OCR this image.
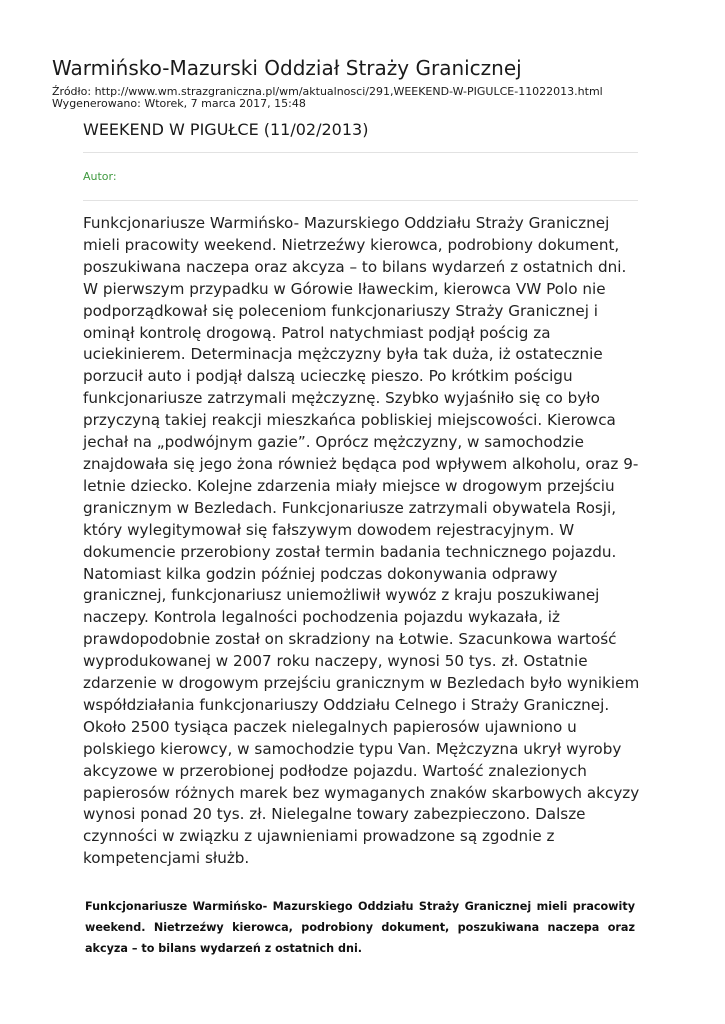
Warmińsko-Mazurski Oddział Straży Granicznej
Źródło: http://www.wm.strazgraniczna.pl/wm/aktualnosci/291,WEEKEND-W-PIGULCE-11022013.html
Wygenerowano: Wtorek, 7 marca 2017, 15:48
WEEKEND W PIGUŁCE (11/02/2013)
Autor:

Funkcjonariusze Warmińsko- Mazurskiego Oddziału Straży Granicznej mieli pracowity weekend. Nietrzeźwy kierowca, podrobiony dokument, poszukiwana naczepa oraz akcyza – to bilans wydarzeń z ostatnich dni. W pierwszym przypadku w Górowie Iławeckim, kierowca VW Polo nie podporządkował się poleceniom funkcjonariuszy Straży Granicznej i ominął kontrolę drogową. Patrol natychmiast podjął pościg za uciekinierem. Determinacja mężczyzny była tak duża, iż ostatecznie porzucił auto i podjął dalszą ucieczkę pieszo. Po krótkim pościgu funkcjonariusze zatrzymali mężczyznę. Szybko wyjaśniło się co było przyczyną takiej reakcji mieszkańca pobliskiej miejscowości. Kierowca jechał na „podwójnym gazie”. Oprócz mężczyzny, w samochodzie znajdowała się jego żona również będąca pod wpływem alkoholu, oraz 9-letnie dziecko. Kolejne zdarzenia miały miejsce w drogowym przejściu granicznym w Bezledach. Funkcjonariusze zatrzymali obywatela Rosji, który wylegitymował się fałszywym dowodem rejestracyjnym. W dokumencie przerobiony został termin badania technicznego pojazdu. Natomiast kilka godzin później podczas dokonywania odprawy granicznej, funkcjonariusz uniemożliwił wywóz z kraju poszukiwanej naczepy. Kontrola legalności pochodzenia pojazdu wykazała, iż prawdopodobnie został on skradziony na Łotwie. Szacunkowa wartość wyprodukowanej w 2007 roku naczepy, wynosi 50 tys. zł. Ostatnie zdarzenie w drogowym przejściu granicznym w Bezledach było wynikiem współdziałania funkcjonariuszy Oddziału Celnego i Straży Granicznej. Około 2500 tysiąca paczek nielegalnych papierosów ujawniono u polskiego kierowcy, w samochodzie typu Van. Mężczyzna ukrył wyroby akcyzowe w przerobionej podłodze pojazdu. Wartość znalezionych papierosów różnych marek bez wymaganych znaków skarbowych akcyzy wynosi ponad 20 tys. zł. Nielegalne towary zabezpieczono. Dalsze czynności w związku z ujawnieniami prowadzone są zgodnie z kompetencjami służb.

Funkcjonariusze Warmińsko- Mazurskiego Oddziału Straży Granicznej mieli pracowity weekend. Nietrzeźwy kierowca, podrobiony dokument, poszukiwana naczepa oraz akcyza – to bilans wydarzeń z ostatnich dni.
